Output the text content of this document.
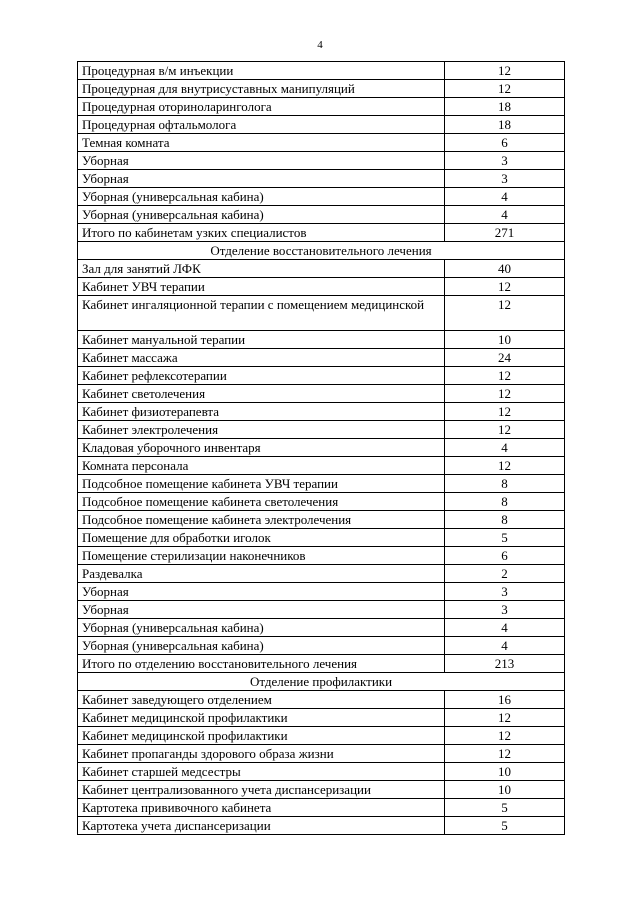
4
Процедурная в/м инъекции	12
Процедурная для внутрисуставных манипуляций	12
Процедурная оториноларинголога	18
Процедурная офтальмолога	18
Темная комната	6
Уборная	3
Уборная	3
Уборная (универсальная кабина)	4
Уборная (универсальная кабина)	4
Итого по кабинетам узких специалистов	271
Отделение восстановительного лечения	
Зал для занятий ЛФК	40
Кабинет УВЧ терапии	12
Кабинет ингаляционной терапии с помещением медицинской	12
Кабинет мануальной терапии	10
Кабинет массажа	24
Кабинет рефлексотерапии	12
Кабинет светолечения	12
Кабинет физиотерапевта	12
Кабинет электролечения	12
Кладовая уборочного инвентаря	4
Комната персонала	12
Подсобное помещение кабинета УВЧ терапии	8
Подсобное помещение кабинета светолечения	8
Подсобное помещение кабинета электролечения	8
Помещение для обработки иголок	5
Помещение стерилизации наконечников	6
Раздевалка	2
Уборная	3
Уборная	3
Уборная (универсальная кабина)	4
Уборная (универсальная кабина)	4
Итого по отделению восстановительного лечения	213
Отделение профилактики	
Кабинет заведующего отделением	16
Кабинет медицинской профилактики	12
Кабинет медицинской профилактики	12
Кабинет пропаганды здорового образа жизни	12
Кабинет старшей медсестры	10
Кабинет централизованного учета диспансеризации	10
Картотека прививочного кабинета	5
Картотека учета диспансеризации	5
